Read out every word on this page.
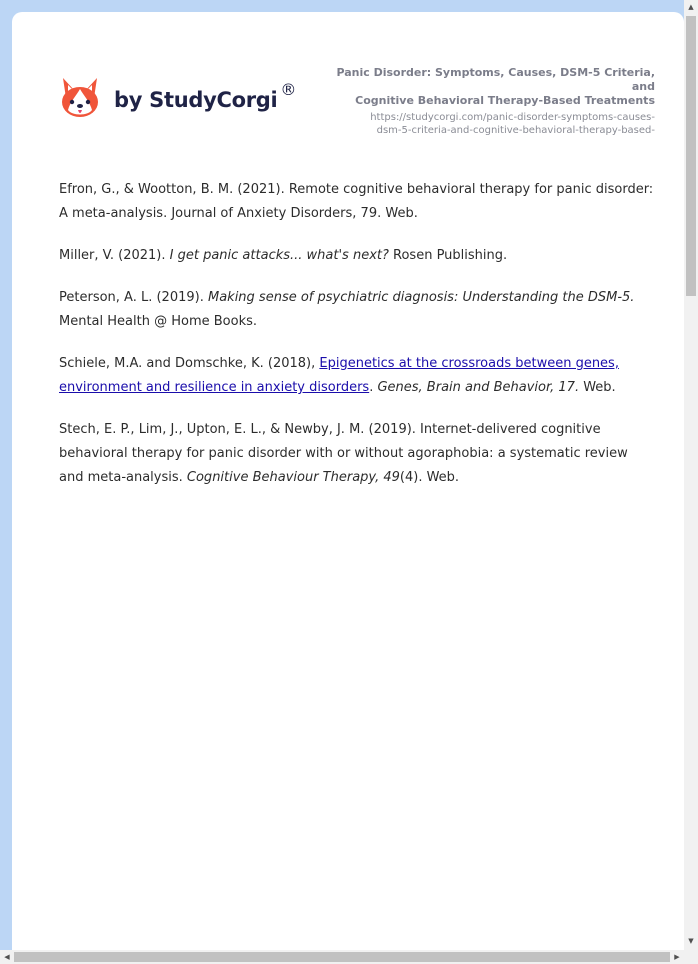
by StudyCorgi ®
Panic Disorder: Symptoms, Causes, DSM-5 Criteria, and
Cognitive Behavioral Therapy-Based Treatments
https://studycorgi.com/panic-disorder-symptoms-causes-
dsm-5-criteria-and-cognitive-behavioral-therapy-based-

Efron, G., & Wootton, B. M. (2021). Remote cognitive behavioral therapy for panic disorder: A meta-analysis. Journal of Anxiety Disorders, 79. Web.

Miller, V. (2021). I get panic attacks... what's next? Rosen Publishing.

Peterson, A. L. (2019). Making sense of psychiatric diagnosis: Understanding the DSM-5. Mental Health @ Home Books.

Schiele, M.A. and Domschke, K. (2018), Epigenetics at the crossroads between genes, environment and resilience in anxiety disorders. Genes, Brain and Behavior, 17. Web.

Stech, E. P., Lim, J., Upton, E. L., & Newby, J. M. (2019). Internet-delivered cognitive behavioral therapy for panic disorder with or without agoraphobia: a systematic review and meta-analysis. Cognitive Behaviour Therapy, 49(4). Web.

▲
▼
◀	▶
